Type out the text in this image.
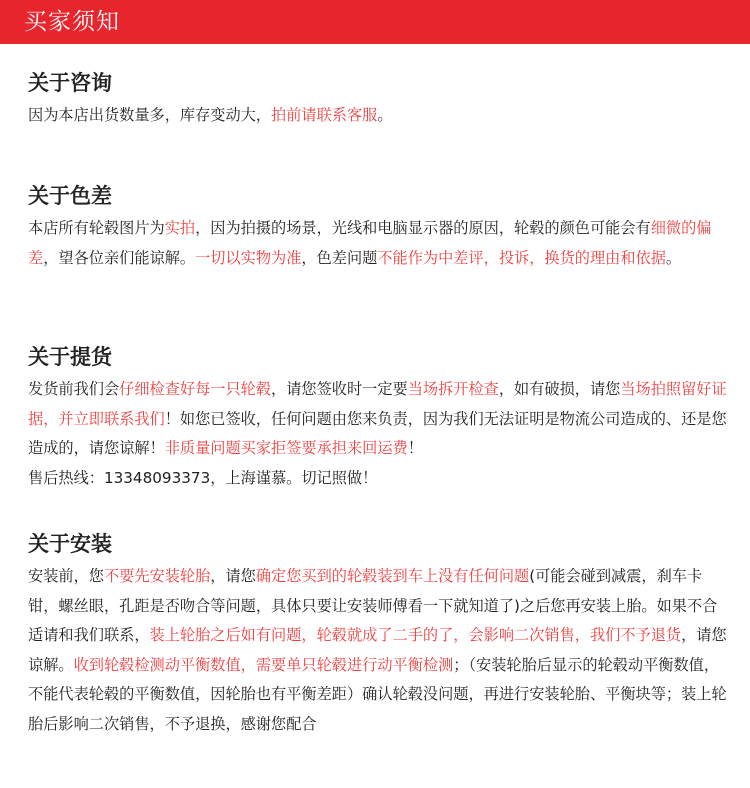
买家须知
关于咨询

因为本店出货数量多，库存变动大，拍前请联系客服。

关于色差

本店所有轮毂图片为实拍，因为拍摄的场景，光线和电脑显示器的原因，轮毂的颜色可能会有细微的偏差，望各位亲们能谅解。一切以实物为准，色差问题不能作为中差评，投诉，换货的理由和依据。

关于提货

发货前我们会仔细检查好每一只轮毂，请您签收时一定要当场拆开检查，如有破损，请您当场拍照留好证据，并立即联系我们！如您已签收，任何问题由您来负责，因为我们无法证明是物流公司造成的、还是您造成的，请您谅解！非质量问题买家拒签要承担来回运费！

售后热线：13348093373，上海谨慕。切记照做！

关于安装

安装前，您不要先安装轮胎，请您确定您买到的轮毂装到车上没有任何问题(可能会碰到减震，刹车卡钳，螺丝眼，孔距是否吻合等问题，具体只要让安装师傅看一下就知道了)之后您再安装上胎。如果不合适请和我们联系，装上轮胎之后如有问题，轮毂就成了二手的了，会影响二次销售，我们不予退货，请您谅解。收到轮毂检测动平衡数值，需要单只轮毂进行动平衡检测；（安装轮胎后显示的轮毂动平衡数值，不能代表轮毂的平衡数值，因轮胎也有平衡差距）确认轮毂没问题，再进行安装轮胎、平衡块等；装上轮胎后影响二次销售，不予退换，感谢您配合
